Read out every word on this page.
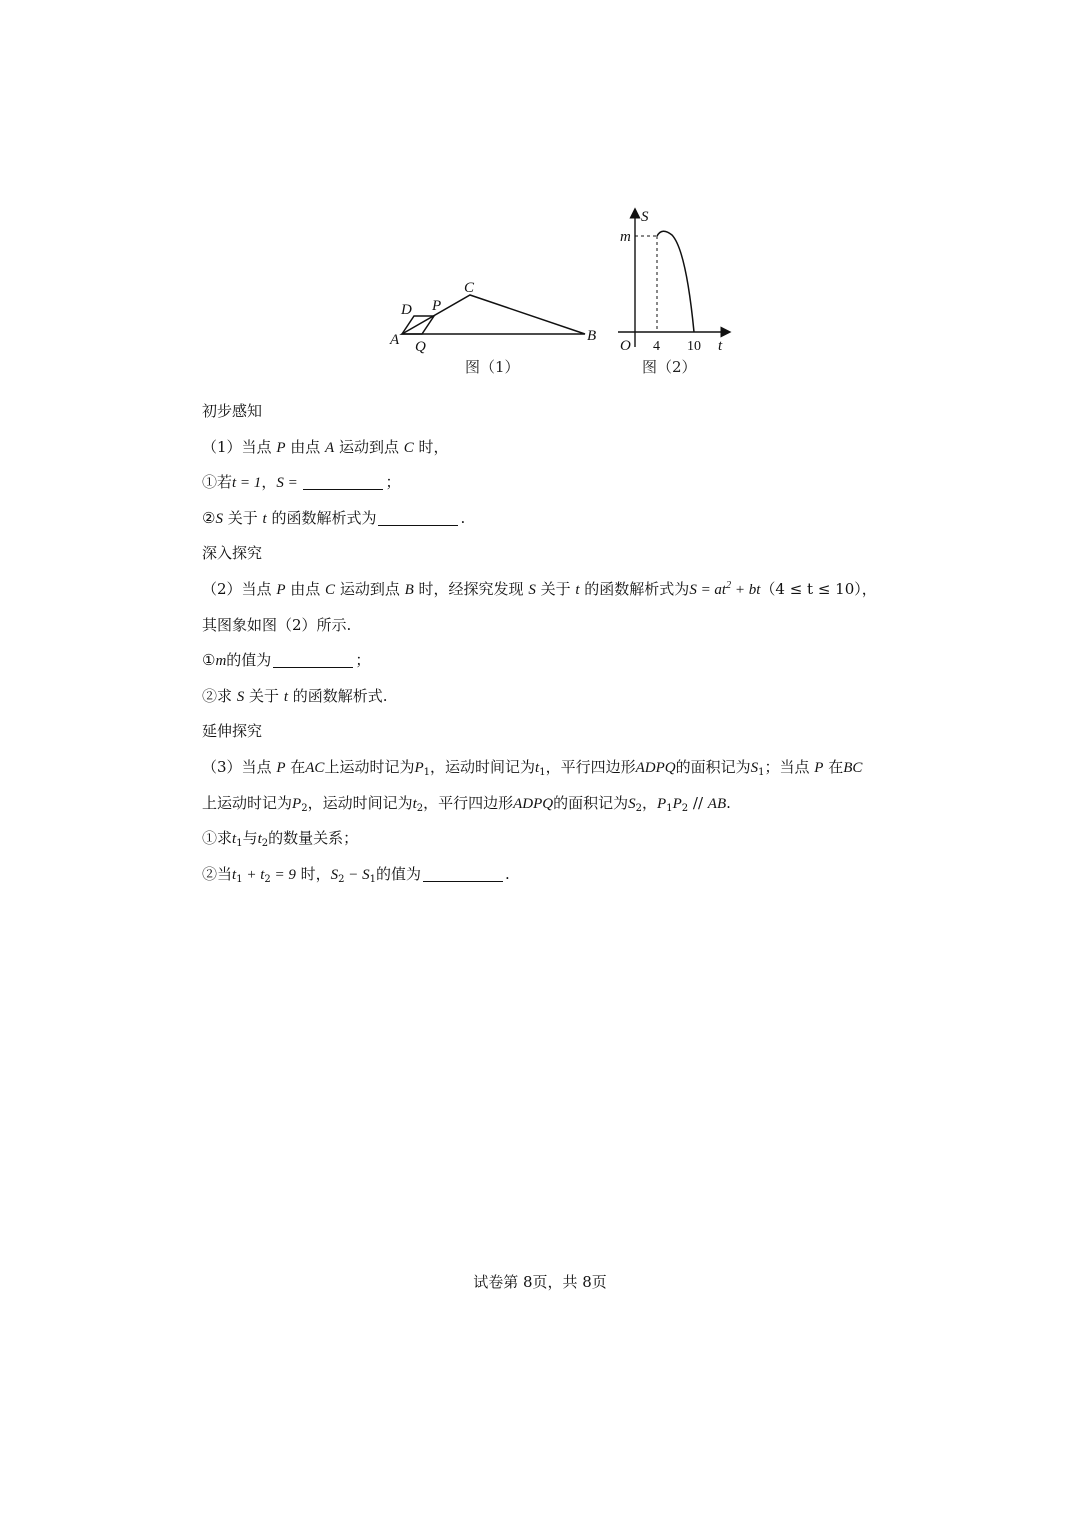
A	B
C
D P
Q
图（1）
S
m
O 4 10 t
图（2）
初步感知
（1）当点 P 由点 A 运动到点 C 时，
①若t = 1，S =	；
②S 关于 t 的函数解析式为	.
深入探究
（2）当点 P 由点 C 运动到点 B 时，经探究发现 S 关于 t 的函数解析式为$S = at^2 + bt(4 \le t \le 10)$，
其图象如图（2）所示.
①m的值为	；
②求 S 关于 t 的函数解析式.
延伸探究
（3）当点 P 在AC上运动时记为$P_1$，运动时间记为$t_1$，平行四边形ADPQ的面积记为$S_1$；当点 P 在BC
上运动时记为$P_2$，运动时间记为$t_2$，平行四边形ADPQ的面积记为$S_2$，$P_1P_2$ // AB.
①求$t_1$与$t_2$的数量关系；
②当$t_1 + t_2 = 9$ 时，$S_2 - S_1$的值为	.
试卷第 8页，共 8页
